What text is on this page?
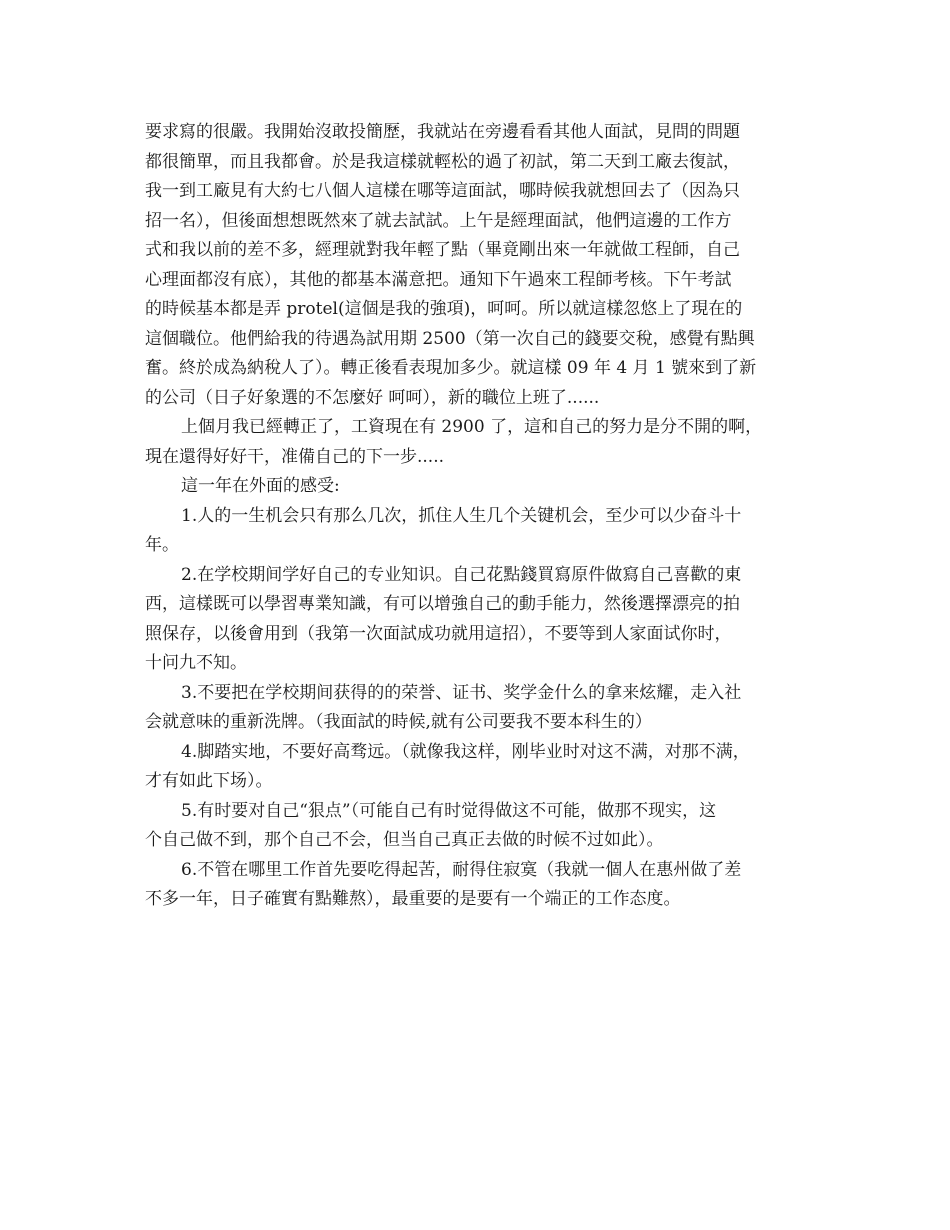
要求寫的很嚴。我開始沒敢投簡歷，我就站在旁邊看看其他人面試，見問的問題
都很簡單，而且我都會。於是我這樣就輕松的過了初試，第二天到工廠去復試，
我一到工廠見有大約七八個人這樣在哪等這面試，哪時候我就想回去了（因為只
招一名），但後面想想既然來了就去試試。上午是經理面試，他們這邊的工作方
式和我以前的差不多，經理就對我年輕了點（畢竟剛出來一年就做工程師，自己
心理面都沒有底），其他的都基本滿意把。通知下午過來工程師考核。下午考試
的時候基本都是弄 protel(這個是我的強項)，呵呵。所以就這樣忽悠上了現在的
這個職位。他們給我的待遇為試用期 2500（第一次自己的錢要交稅，感覺有點興
奮。終於成為納稅人了）。轉正後看表現加多少。就這樣 09 年 4 月 1 號來到了新
的公司（日子好象選的不怎麼好 呵呵），新的職位上班了......
上個月我已經轉正了，工資現在有 2900 了，這和自己的努力是分不開的啊，
現在還得好好干，准備自己的下一步.....
這一年在外面的感受:
1.人的一生机会只有那么几次，抓住人生几个关键机会，至少可以少奋斗十
年。
2.在学校期间学好自己的专业知识。自己花點錢買寫原件做寫自己喜歡的東
西，這樣既可以學習專業知識，有可以增強自己的動手能力，然後選擇漂亮的拍
照保存，以後會用到（我第一次面試成功就用這招），不要等到人家面试你时，
十问九不知。
3.不要把在学校期间获得的的荣誉、证书、奖学金什么的拿来炫耀，走入社
会就意味的重新洗牌。（我面試的時候,就有公司要我不要本科生的）
4.脚踏实地，不要好高骛远。（就像我这样，刚毕业时对这不满，对那不满，
才有如此下场）。
5.有时要对自己“狠点”（可能自己有时觉得做这不可能，做那不现实，这
个自己做不到，那个自己不会，但当自己真正去做的时候不过如此）。
6.不管在哪里工作首先要吃得起苦，耐得住寂寞（我就一個人在惠州做了差
不多一年，日子確實有點難熬），最重要的是要有一个端正的工作态度。
